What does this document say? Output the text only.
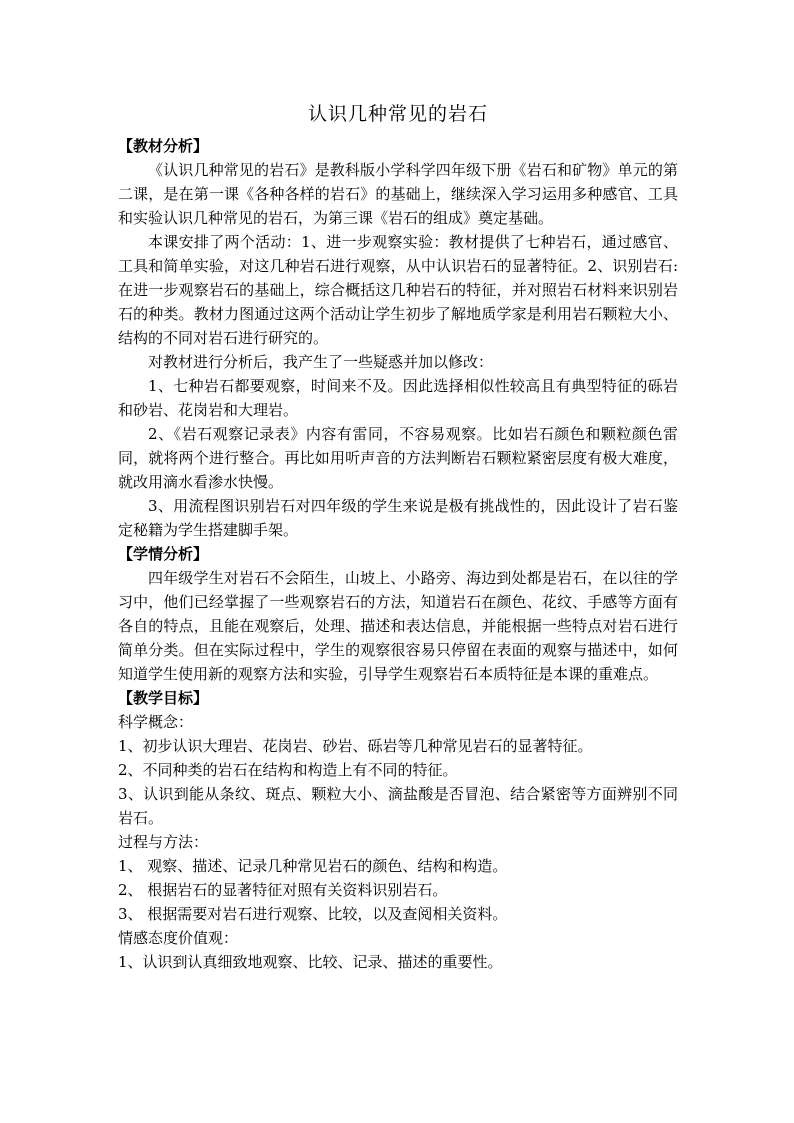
认识几种常见的岩石
【教材分析】

《认识几种常见的岩石》是教科版小学科学四年级下册《岩石和矿物》单元的第二课，是在第一课《各种各样的岩石》的基础上，继续深入学习运用多种感官、工具和实验认识几种常见的岩石，为第三课《岩石的组成》奠定基础。

本课安排了两个活动：1、进一步观察实验：教材提供了七种岩石，通过感官、工具和简单实验，对这几种岩石进行观察，从中认识岩石的显著特征。2、识别岩石:在进一步观察岩石的基础上，综合概括这几种岩石的特征，并对照岩石材料来识别岩石的种类。教材力图通过这两个活动让学生初步了解地质学家是利用岩石颗粒大小、结构的不同对岩石进行研究的。

对教材进行分析后，我产生了一些疑惑并加以修改：

1、七种岩石都要观察，时间来不及。因此选择相似性较高且有典型特征的砾岩和砂岩、花岗岩和大理岩。

2、《岩石观察记录表》内容有雷同，不容易观察。比如岩石颜色和颗粒颜色雷同，就将两个进行整合。再比如用听声音的方法判断岩石颗粒紧密层度有极大难度，就改用滴水看渗水快慢。

3、用流程图识别岩石对四年级的学生来说是极有挑战性的，因此设计了岩石鉴定秘籍为学生搭建脚手架。

【学情分析】

四年级学生对岩石不会陌生，山坡上、小路旁、海边到处都是岩石，在以往的学习中，他们已经掌握了一些观察岩石的方法，知道岩石在颜色、花纹、手感等方面有各自的特点，且能在观察后，处理、描述和表达信息，并能根据一些特点对岩石进行简单分类。但在实际过程中，学生的观察很容易只停留在表面的观察与描述中，如何知道学生使用新的观察方法和实验，引导学生观察岩石本质特征是本课的重难点。

【教学目标】
科学概念：

1、初步认识大理岩、花岗岩、砂岩、砾岩等几种常见岩石的显著特征。

2、不同种类的岩石在结构和构造上有不同的特征。

3、认识到能从条纹、斑点、颗粒大小、滴盐酸是否冒泡、结合紧密等方面辨别不同岩石。

过程与方法：

1、 观察、描述、记录几种常见岩石的颜色、结构和构造。

2、 根据岩石的显著特征对照有关资料识别岩石。

3、 根据需要对岩石进行观察、比较，以及查阅相关资料。

情感态度价值观：

1、认识到认真细致地观察、比较、记录、描述的重要性。
